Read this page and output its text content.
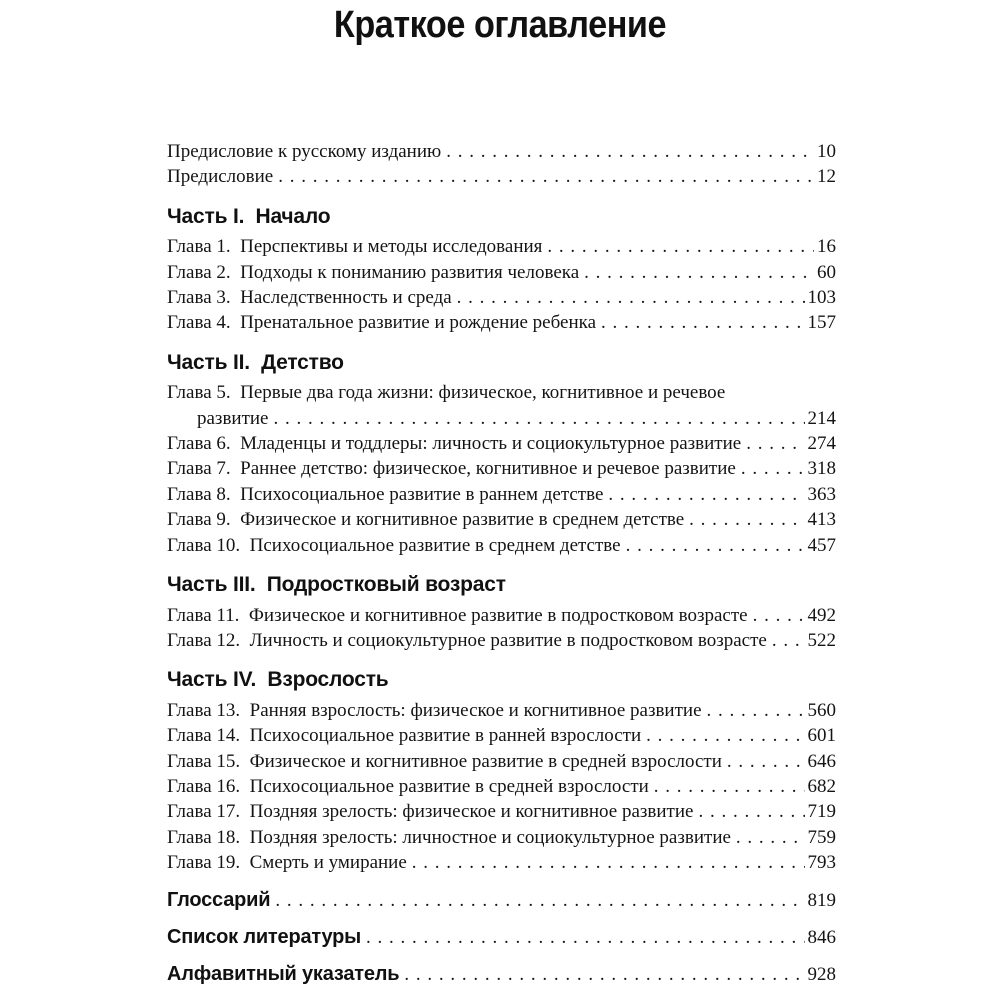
Краткое оглавление
Предисловие к русскому изданию . . .	10
Предисловие . . .	12
Часть I.  Начало
Глава 1.  Перспективы и методы исследования . . .	16
Глава 2.  Подходы к пониманию развития человека . . .	60
Глава 3.  Наследственность и среда . . .	103
Глава 4.  Пренатальное развитие и рождение ребенка . . .	157
Часть II.  Детство
Глава 5.  Первые два года жизни: физическое, когнитивное и речевое
развитие . . .	214
Глава 6.  Младенцы и тоддлеры: личность и социокультурное развитие . . .	274
Глава 7.  Раннее детство: физическое, когнитивное и речевое развитие . . .	318
Глава 8.  Психосоциальное развитие в раннем детстве . . .	363
Глава 9.  Физическое и когнитивное развитие в среднем детстве . . .	413
Глава 10.  Психосоциальное развитие в среднем детстве . . .	457
Часть III.  Подростковый возраст
Глава 11.  Физическое и когнитивное развитие в подростковом возрасте . . .	492
Глава 12.  Личность и социокультурное развитие в подростковом возрасте . . . 522
Часть IV.  Взрослость
Глава 13.  Ранняя взрослость: физическое и когнитивное развитие . . .	560
Глава 14.  Психосоциальное развитие в ранней взрослости . . .	601
Глава 15.  Физическое и когнитивное развитие в средней взрослости . . .	646
Глава 16.  Психосоциальное развитие в средней взрослости . . .	682
Глава 17.  Поздняя зрелость: физическое и когнитивное развитие . . .	719
Глава 18.  Поздняя зрелость: личностное и социокультурное развитие . . .	759
Глава 19.  Смерть и умирание . . .	793
Глоссарий . . .	819
Список литературы . . .	846
Алфавитный указатель . . .	928
